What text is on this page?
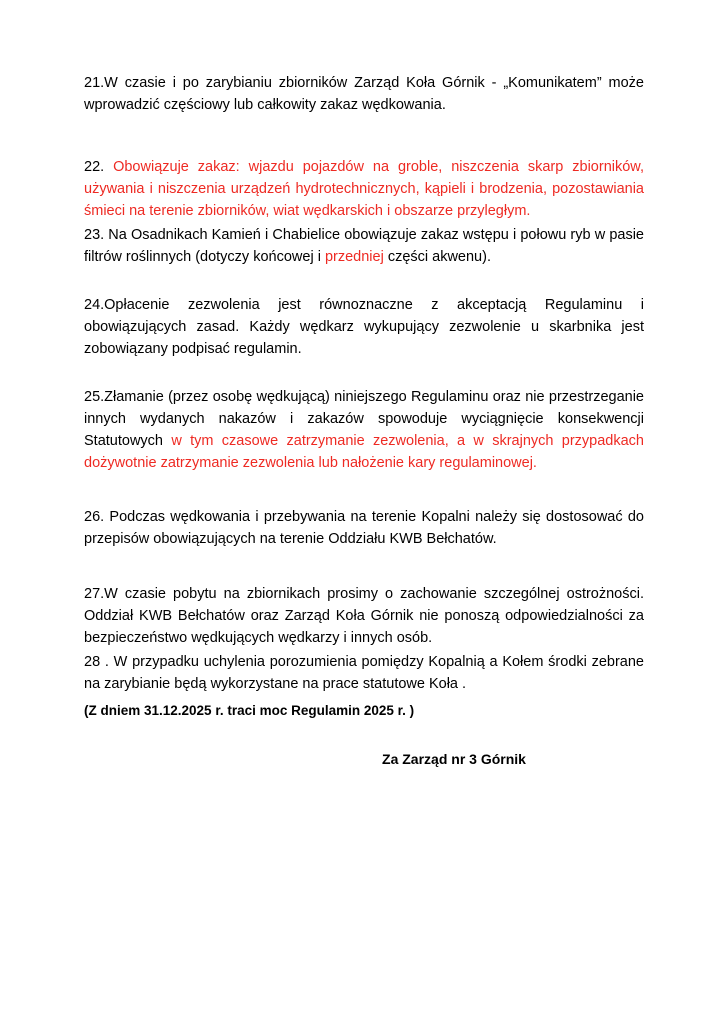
21.W czasie i po zarybianiu zbiorników Zarząd Koła Górnik - „Komunikatem” może wprowadzić częściowy lub całkowity zakaz wędkowania.

22. Obowiązuje zakaz: wjazdu pojazdów na groble, niszczenia skarp zbiorników, używania i niszczenia urządzeń hydrotechnicznych, kąpieli i brodzenia, pozostawiania śmieci na terenie zbiorników, wiat wędkarskich i obszarze przyległym.

23. Na Osadnikach Kamień i Chabielice obowiązuje zakaz wstępu i połowu ryb w pasie filtrów roślinnych (dotyczy końcowej i przedniej części akwenu).

24.Opłacenie zezwolenia jest równoznaczne z akceptacją Regulaminu i obowiązujących zasad. Każdy wędkarz wykupujący zezwolenie u skarbnika jest zobowiązany podpisać regulamin.

25.Złamanie (przez osobę wędkującą) niniejszego Regulaminu oraz nie przestrzeganie innych wydanych nakazów i zakazów spowoduje wyciągnięcie konsekwencji Statutowych w tym czasowe zatrzymanie zezwolenia, a w skrajnych przypadkach dożywotnie zatrzymanie zezwolenia lub nałożenie kary regulaminowej.

26. Podczas wędkowania i przebywania na terenie Kopalni należy się dostosować do przepisów obowiązujących na terenie Oddziału KWB Bełchatów.

27.W czasie pobytu na zbiornikach prosimy o zachowanie szczególnej ostrożności. Oddział KWB Bełchatów oraz Zarząd Koła Górnik nie ponoszą odpowiedzialności za bezpieczeństwo wędkujących wędkarzy i innych osób.

28 . W przypadku uchylenia porozumienia pomiędzy Kopalnią a Kołem środki zebrane na zarybianie będą wykorzystane na prace statutowe Koła .

(Z dniem 31.12.2025 r. traci moc Regulamin 2025 r. )

Za Zarząd nr 3 Górnik
